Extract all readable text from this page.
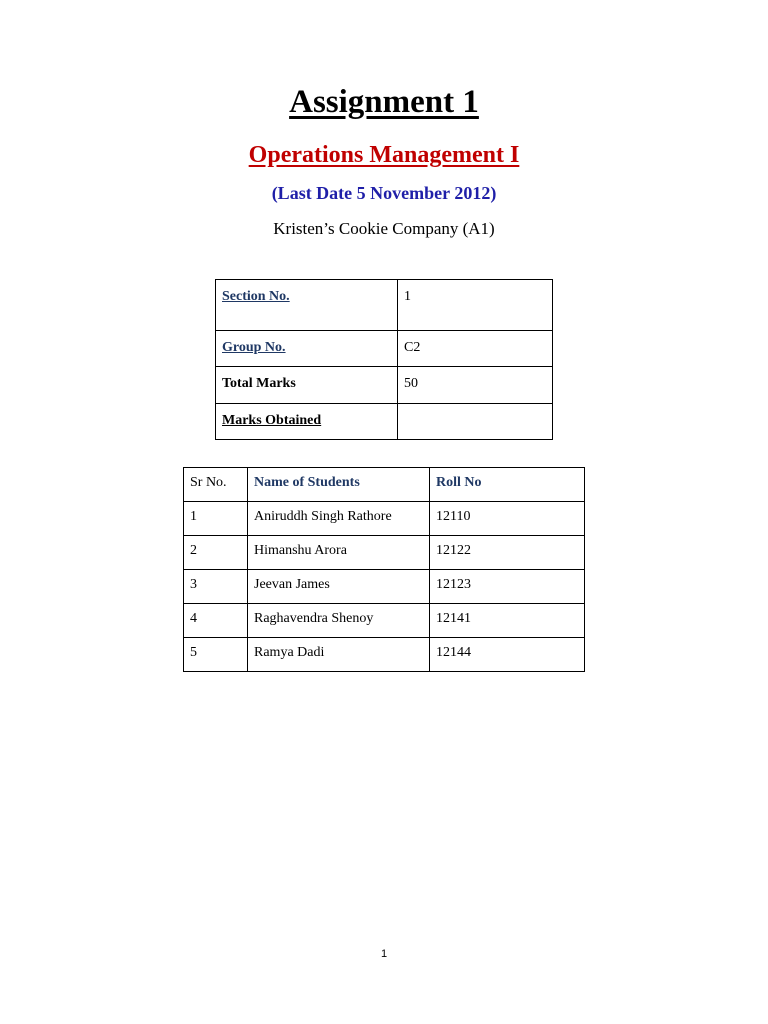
Assignment 1
Operations Management I
(Last Date 5 November 2012)
Kristen’s Cookie Company (A1)
Section No.	1
Group No.	C2
Total Marks	50
Marks Obtained	
Sr No.	Name of Students	Roll No
1	Aniruddh Singh Rathore	12110
2	Himanshu Arora	12122
3	Jeevan James	12123
4	Raghavendra Shenoy	12141
5	Ramya Dadi	12144
1
